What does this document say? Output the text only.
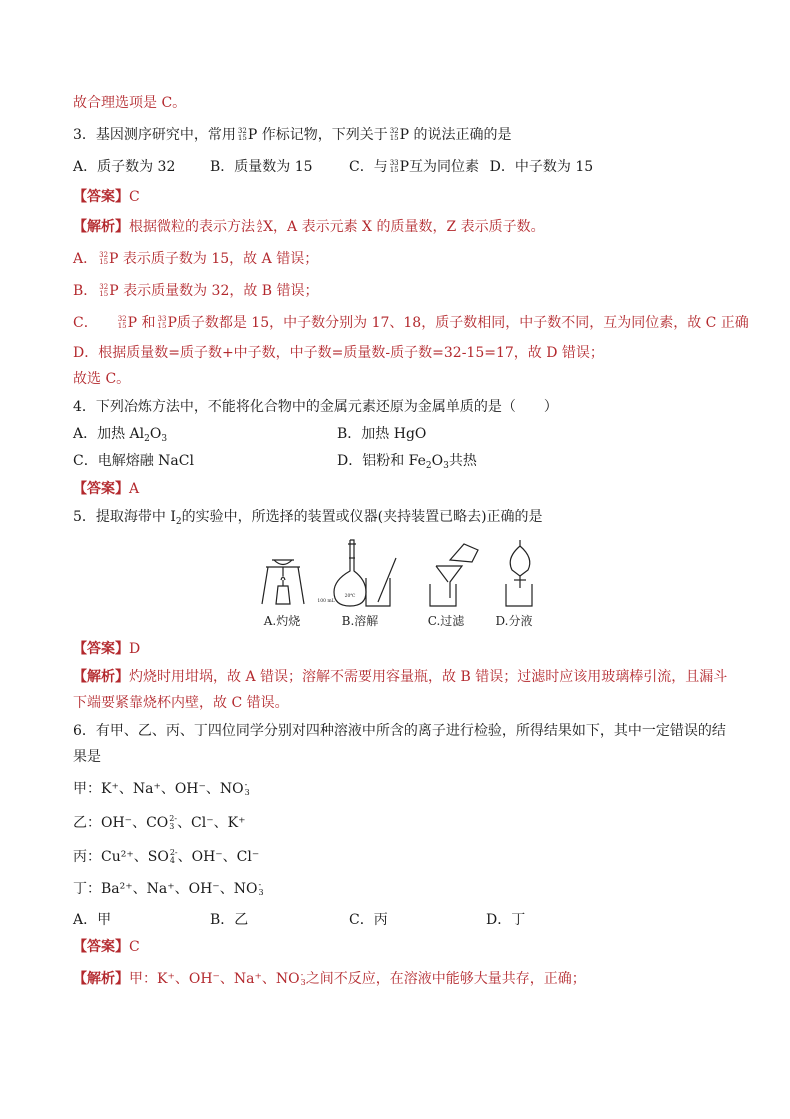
故合理选项是 C。
3．基因测序研究中，常用 32
15 P 作标记物，下列关于 32
15 P 的说法正确的是
A．质子数为 32 B．质量数为 15	C．与 33
15 P互为同位素 D．中子数为 15
【答案】C
【解析】根据微粒的表示方法 A
Z X，A 表示元素 X 的质量数，Z 表示质子数。
A． 32
15 P 表示质子数为 15，故 A 错误；
B． 32
15 P 表示质量数为 32，故 B 错误；
C．	32
15 P 和 33
15 P质子数都是 15，中子数分别为 17、18，质子数相同，中子数不同，互为同位素，故 C 正确
D．根据质量数=质子数+中子数，中子数=质量数-质子数=32-15=17，故 D 错误；
故选 C。
4．下列冶炼方法中，不能将化合物中的金属元素还原为金属单质的是（　　）
A．加热 $Al_2O_3$	B．加热 HgO
C．电解熔融 NaCl	D．铝粉和 $Fe_2O_3$共热
【答案】A
5．提取海带中 $I_2$的实验中，所选择的装置或仪器(夹持装置已略去)正确的是
100 mL
20℃
A.灼烧	B.溶解	C.过滤	D.分液
【答案】D
【解析】灼烧时用坩埚，故 A 错误；溶解不需要用容量瓶，故 B 错误；过滤时应该用玻璃棒引流，且漏斗
下端要紧靠烧杯内壁，故 C 错误。
6．有甲、乙、丙、丁四位同学分别对四种溶液中所含的离子进行检验，所得结果如下，其中一定错误的结
果是
甲：K⁺、Na⁺、OH⁻、NO -
3
乙：OH⁻、CO 2-
3 、Cl⁻、K⁺
丙：Cu²⁺、SO 2-
4 、OH⁻、Cl⁻
丁：Ba²⁺、Na⁺、OH⁻、NO -
3
A．甲	B．乙	C．丙	D．丁
【答案】C
【解析】甲：K⁺、OH⁻、Na⁺、NO -
3 之间不反应，在溶液中能够大量共存，正确；
